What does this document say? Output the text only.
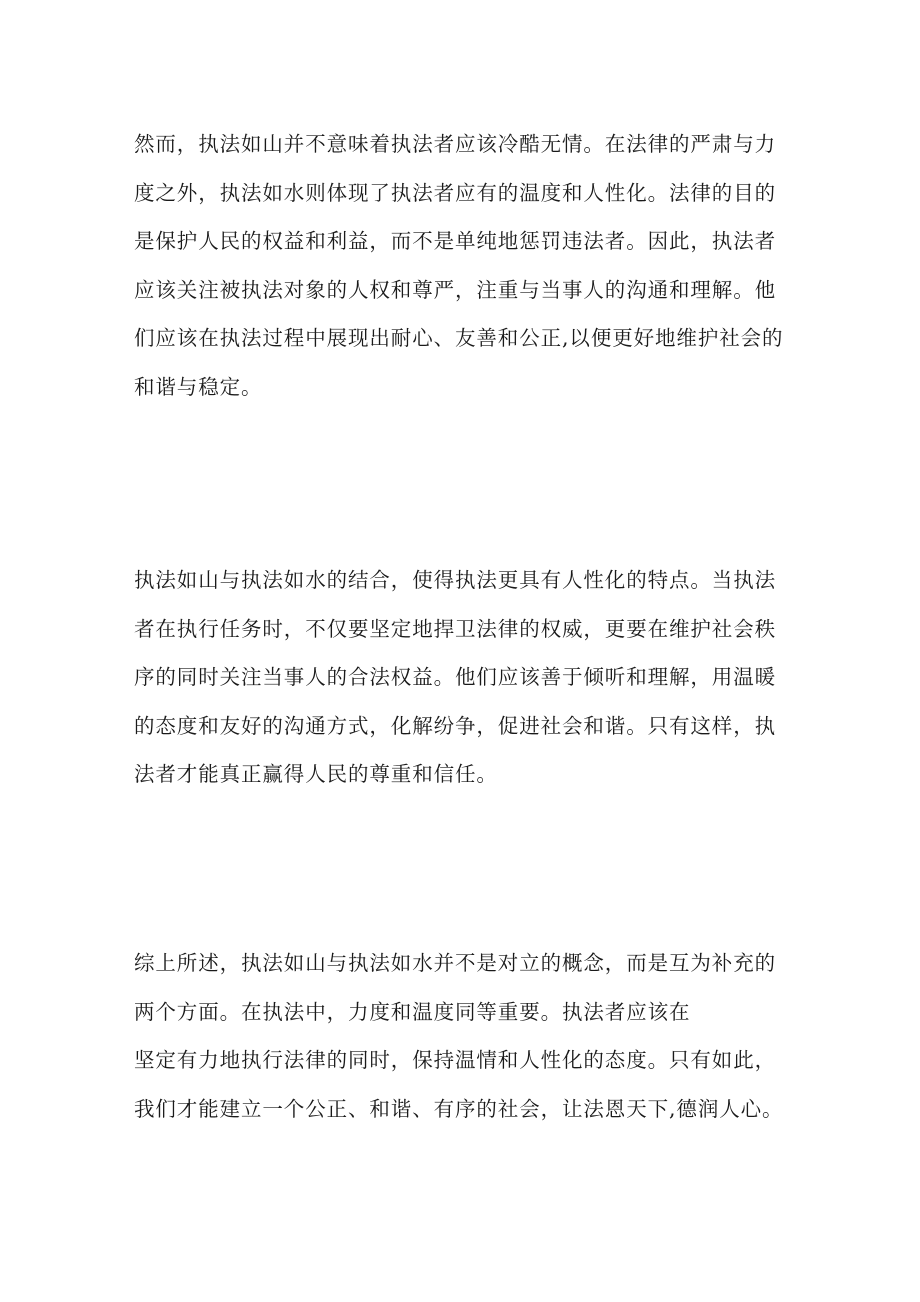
然而，执法如山并不意味着执法者应该冷酷无情。在法律的严肃与力
度之外，执法如水则体现了执法者应有的温度和人性化。法律的目的
是保护人民的权益和利益，而不是单纯地惩罚违法者。因此，执法者
应该关注被执法对象的人权和尊严，注重与当事人的沟通和理解。他
们应该在执法过程中展现出耐心、友善和公正,以便更好地维护社会的
和谐与稳定。

执法如山与执法如水的结合，使得执法更具有人性化的特点。当执法
者在执行任务时，不仅要坚定地捍卫法律的权威，更要在维护社会秩
序的同时关注当事人的合法权益。他们应该善于倾听和理解，用温暖
的态度和友好的沟通方式，化解纷争，促进社会和谐。只有这样，执
法者才能真正赢得人民的尊重和信任。

综上所述，执法如山与执法如水并不是对立的概念，而是互为补充的
两个方面。在执法中，力度和温度同等重要。执法者应该在
坚定有力地执行法律的同时，保持温情和人性化的态度。只有如此，
我们才能建立一个公正、和谐、有序的社会，让法恩天下,德润人心。
